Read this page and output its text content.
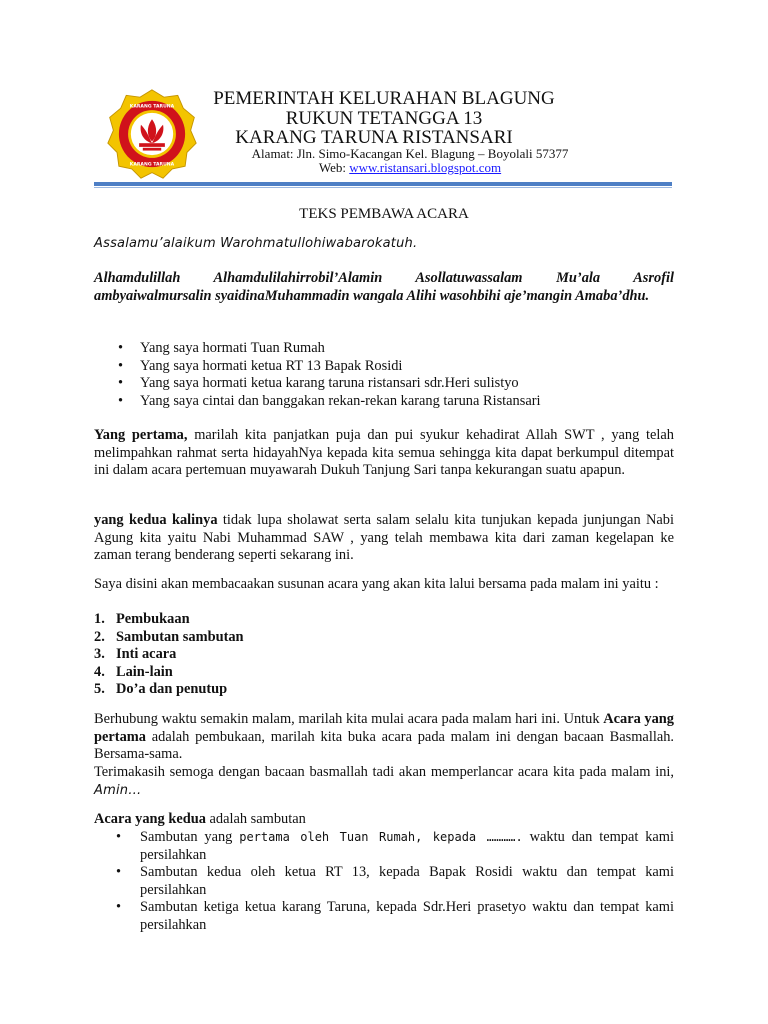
KARANG TARUNA
KARANG TARUNA
PEMERINTAH KELURAHAN BLAGUNG
RUKUN TETANGGA 13
KARANG TARUNA RISTANSARI
Alamat: Jln. Simo-Kacangan Kel. Blagung – Boyolali 57377
Web: www.ristansari.blogspot.com
TEKS PEMBAWA ACARA
Assalamu’alaikum Warohmatullohiwabarokatuh.
Alhamdulillah Alhamdulilahirrobil’Alamin Asollatuwassalam Mu’ala Asrofil ambyaiwalmursalin syaidinaMuhammadin wangala Alihi wasohbihi aje’mangin Amaba’dhu.
• Yang saya hormati Tuan Rumah
• Yang saya hormati ketua RT 13 Bapak Rosidi
• Yang saya hormati ketua karang taruna ristansari sdr.Heri sulistyo
• Yang saya cintai dan banggakan rekan-rekan karang taruna Ristansari
Yang pertama, marilah kita panjatkan puja dan pui syukur kehadirat Allah SWT , yang telah melimpahkan rahmat serta hidayahNya kepada kita semua sehingga kita dapat berkumpul ditempat ini dalam acara pertemuan muyawarah Dukuh Tanjung Sari tanpa kekurangan suatu apapun.
yang kedua kalinya tidak lupa sholawat serta salam selalu kita tunjukan kepada junjungan Nabi Agung kita yaitu Nabi Muhammad SAW , yang telah membawa kita dari zaman kegelapan ke zaman terang benderang seperti sekarang ini.
Saya disini akan membacaakan susunan acara yang akan kita lalui bersama pada malam ini yaitu :
1. Pembukaan
2. Sambutan sambutan
3. Inti acara
4. Lain-lain
5. Do’a dan penutup
Berhubung waktu semakin malam, marilah kita mulai acara pada malam hari ini. Untuk Acara yang pertama adalah pembukaan, marilah kita buka acara pada malam ini dengan bacaan Basmallah. Bersama-sama.
Terimakasih semoga dengan bacaan basmallah tadi akan memperlancar acara kita pada malam ini, Amin…
Acara yang kedua adalah sambutan
• Sambutan yang pertama oleh Tuan Rumah, kepada …………. waktu dan tempat kami persilahkan
• Sambutan kedua oleh ketua RT 13, kepada Bapak Rosidi waktu dan tempat kami persilahkan
• Sambutan ketiga ketua karang Taruna, kepada Sdr.Heri prasetyo waktu dan tempat kami persilahkan
